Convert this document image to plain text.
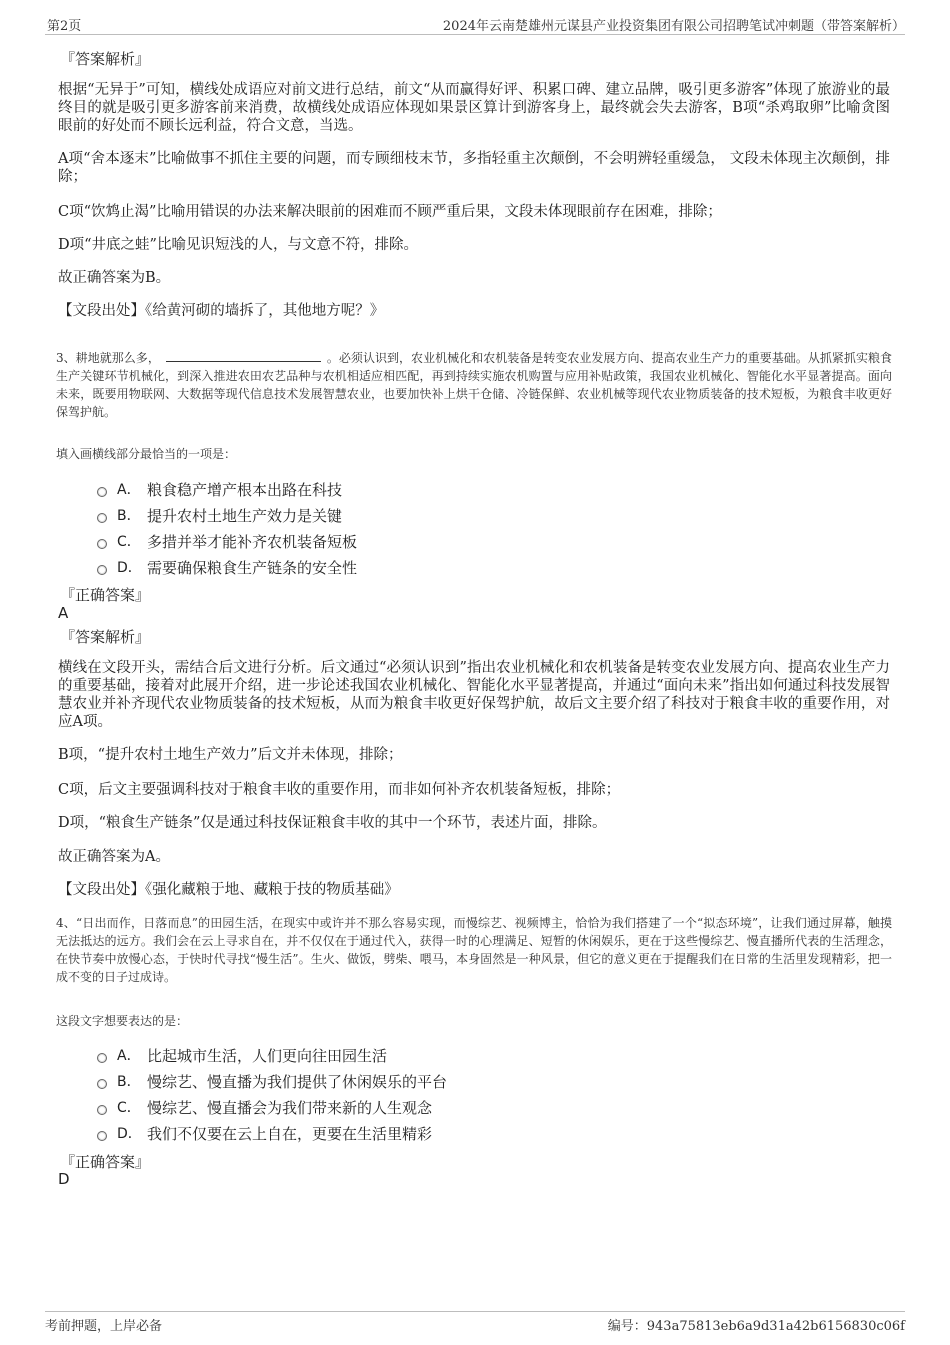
第2页	2024年云南楚雄州元谋县产业投资集团有限公司招聘笔试冲刺题（带答案解析）
『答案解析』
根据“无异于”可知，横线处成语应对前文进行总结，前文“从而赢得好评、积累口碑、建立品牌，吸引更多游客”体现了旅游业的最终目的就是吸引更多游客前来消费，故横线处成语应体现如果景区算计到游客身上，最终就会失去游客，B项“杀鸡取卵”比喻贪图眼前的好处而不顾长远利益，符合文意，当选。
A项“舍本逐末”比喻做事不抓住主要的问题，而专顾细枝末节，多指轻重主次颠倒，不会明辨轻重缓急， 文段未体现主次颠倒，排除；
C项“饮鸩止渴”比喻用错误的办法来解决眼前的困难而不顾严重后果，文段未体现眼前存在困难，排除；
D项“井底之蛙”比喻见识短浅的人，与文意不符，排除。
故正确答案为B。
【文段出处】《给黄河砌的墙拆了，其他地方呢？》
3、耕地就那么多，	。必须认识到，农业机械化和农机装备是转变农业发展方向、提高农业生产力的重要基础。从抓紧抓实粮食生产关键环节机械化，到深入推进农田农艺品种与农机相适应相匹配，再到持续实施农机购置与应用补贴政策，我国农业机械化、智能化水平显著提高。面向未来，既要用物联网、大数据等现代信息技术发展智慧农业，也要加快补上烘干仓储、冷链保鲜、农业机械等现代农业物质装备的技术短板，为粮食丰收更好保驾护航。
填入画横线部分最恰当的一项是：
A． 粮食稳产增产根本出路在科技
B． 提升农村土地生产效力是关键
C． 多措并举才能补齐农机装备短板
D． 需要确保粮食生产链条的安全性
『正确答案』
A
『答案解析』
横线在文段开头，需结合后文进行分析。后文通过“必须认识到”指出农业机械化和农机装备是转变农业发展方向、提高农业生产力的重要基础，接着对此展开介绍，进一步论述我国农业机械化、智能化水平显著提高，并通过“面向未来”指出如何通过科技发展智慧农业并补齐现代农业物质装备的技术短板，从而为粮食丰收更好保驾护航，故后文主要介绍了科技对于粮食丰收的重要作用，对应A项。
B项，“提升农村土地生产效力”后文并未体现，排除；
C项，后文主要强调科技对于粮食丰收的重要作用，而非如何补齐农机装备短板，排除；
D项，“粮食生产链条”仅是通过科技保证粮食丰收的其中一个环节，表述片面，排除。
故正确答案为A。
【文段出处】《强化藏粮于地、藏粮于技的物质基础》
4、“日出而作，日落而息”的田园生活，在现实中或许并不那么容易实现，而慢综艺、视频博主，恰恰为我们搭建了一个“拟态环境”，让我们通过屏幕，触摸无法抵达的远方。我们会在云上寻求自在，并不仅仅在于通过代入，获得一时的心理满足、短暂的休闲娱乐，更在于这些慢综艺、慢直播所代表的生活理念，在快节奏中放慢心态，于快时代寻找“慢生活”。生火、做饭，劈柴、喂马，本身固然是一种风景，但它的意义更在于提醒我们在日常的生活里发现精彩，把一成不变的日子过成诗。
这段文字想要表达的是：
A． 比起城市生活，人们更向往田园生活
B． 慢综艺、慢直播为我们提供了休闲娱乐的平台
C． 慢综艺、慢直播会为我们带来新的人生观念
D． 我们不仅要在云上自在，更要在生活里精彩
『正确答案』
D
考前押题，上岸必备	编号：943a75813eb6a9d31a42b6156830c06f
